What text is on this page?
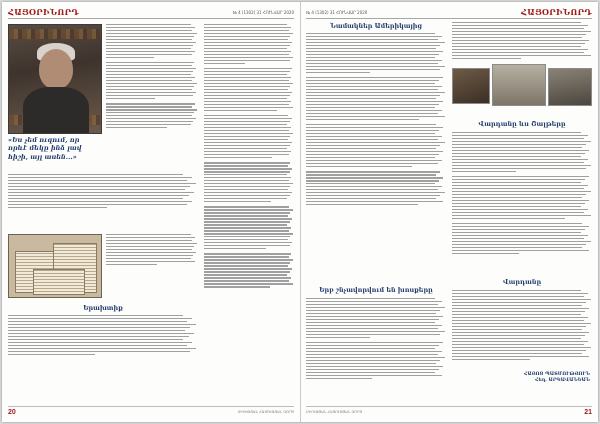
ՀԱՅՕՐԻՆՈՐԴ	№ 4 (1302) 31 ՀՈՒՆՎԱՐ 2020
«Ես չեմ ուզում, որ որևէ մեկը ինձ լավ հիշի, այլ ասեն...»

Երախտիք

20	ՄԻՈՒԹՅԱՆ ՀԱՅՈՒԹՅԱՆ ԳՈՐԾ
№ 4 (1302) 31 ՀՈՒՆՎԱՐ 2020	ՀԱՅՕՐԻՆՈՐԴ

Նամակներ Ամերիկայից

Երբ շնչավորվում են խոսքերը

Վարդանը ևս Շալթերը

Վարդանը

ՀԱՅՈՑ ՊԱՏՄՈՒԹՅՈՒՆ
Հեղ. ԱՐԳԱՎԱՆԵԱՆ
ՄԻՈՒԹՅԱՆ ՀԱՅՈՒԹՅԱՆ ԳՈՐԾ	21
